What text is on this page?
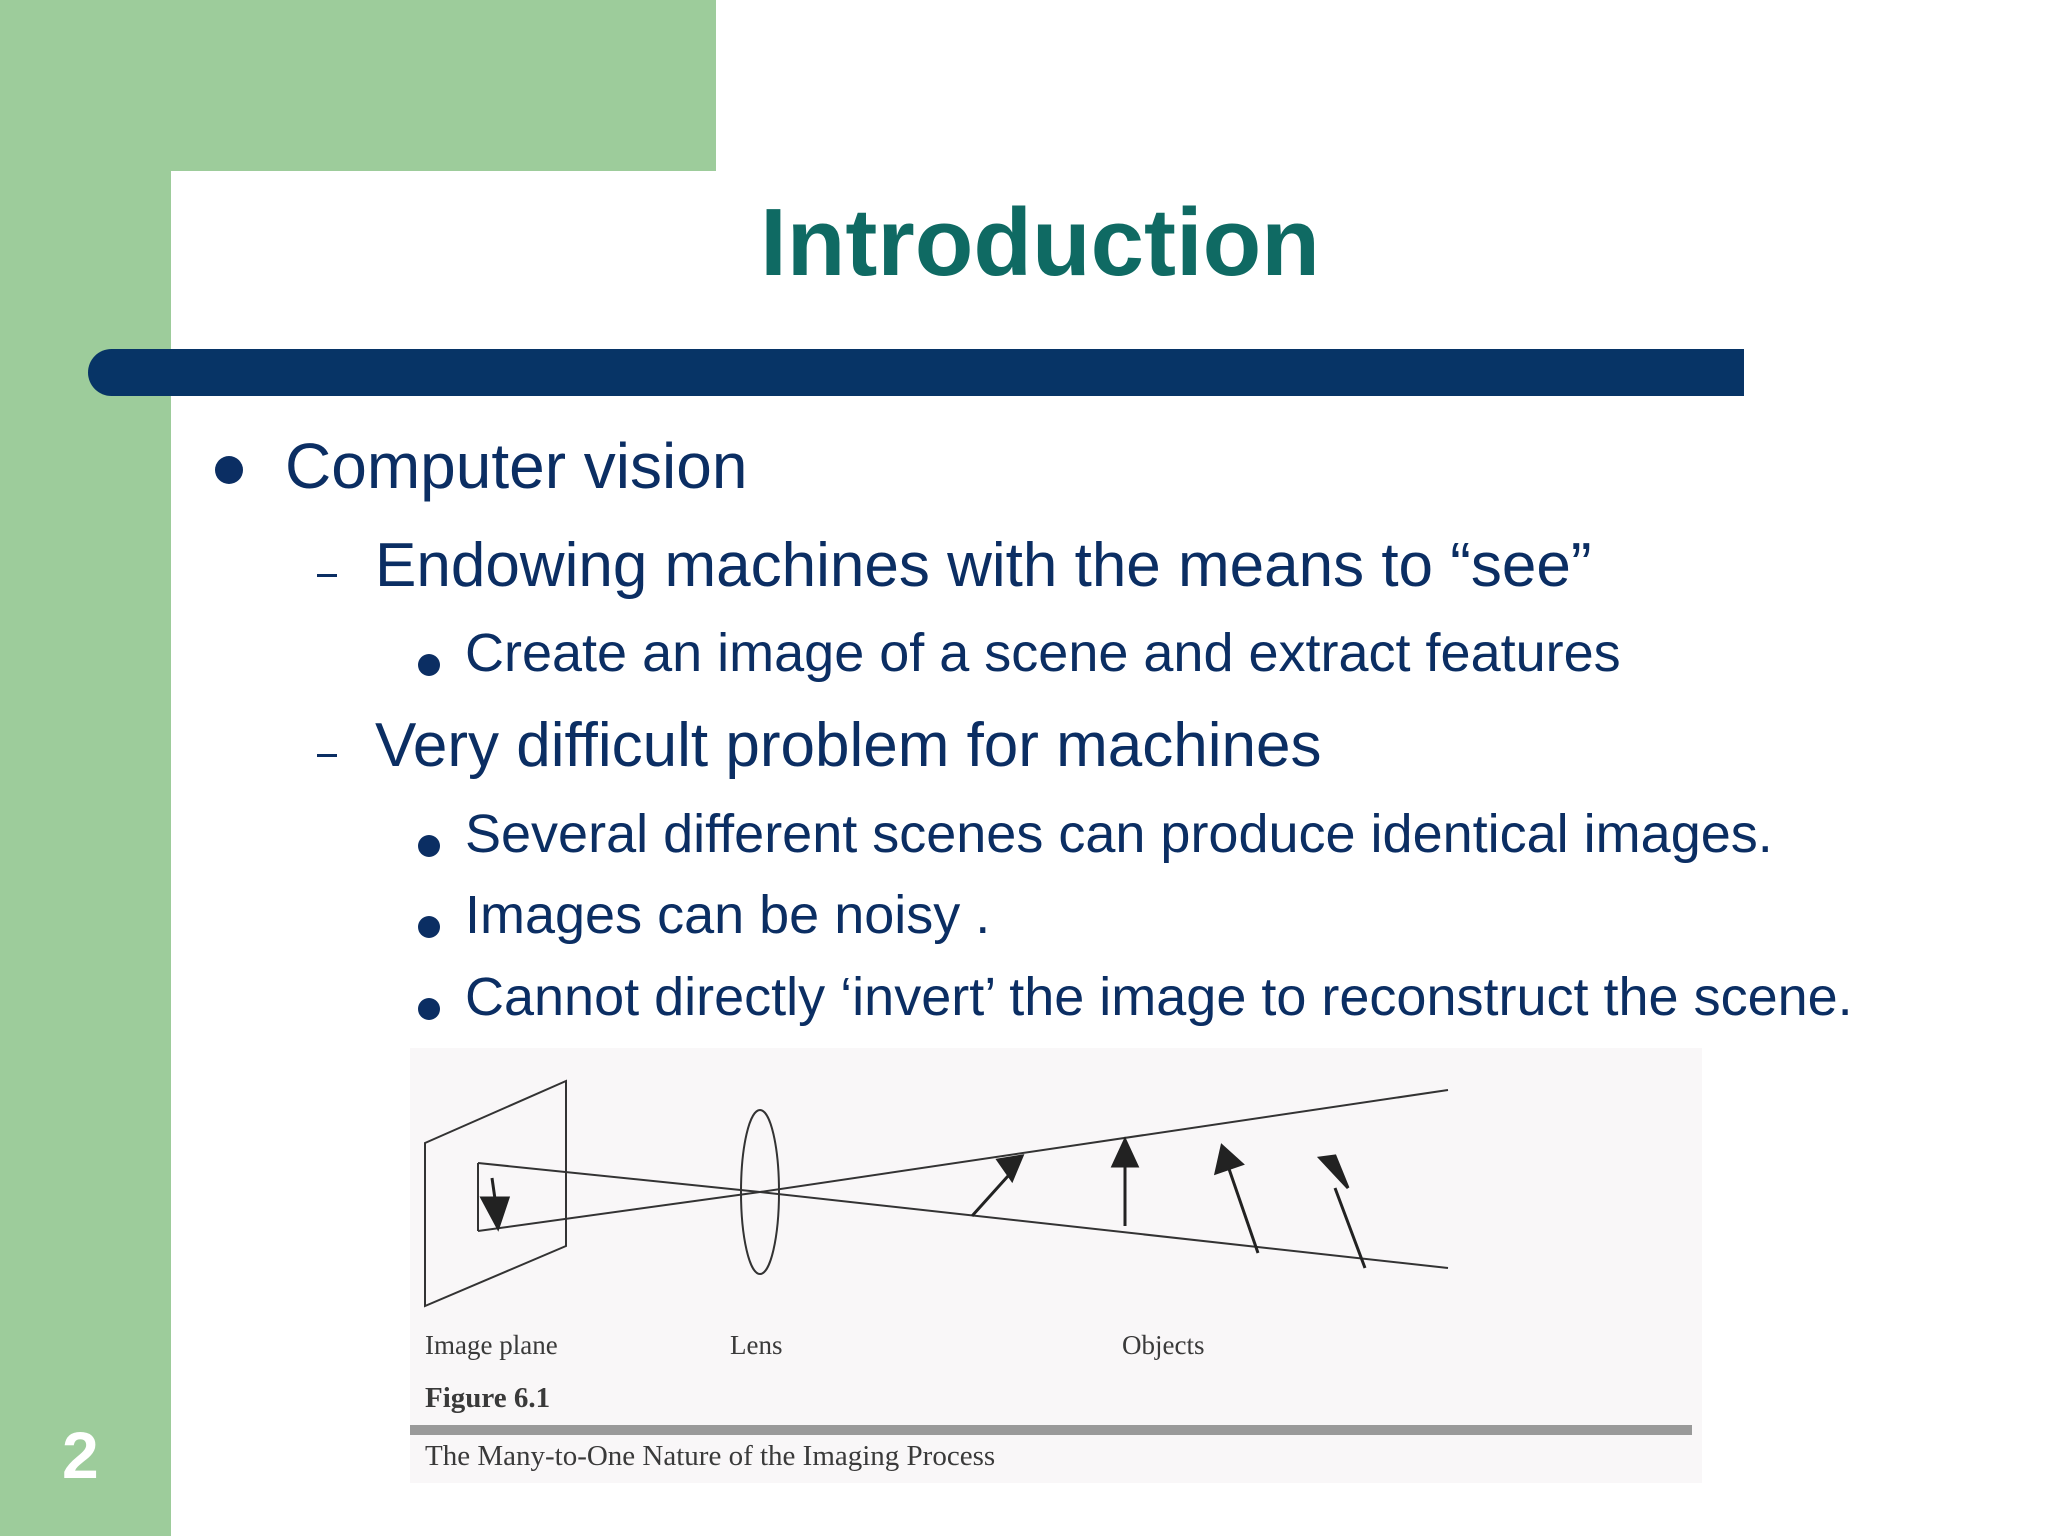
Introduction
Computer vision
Endowing machines with the means to “see”
Create an image of a scene and extract features
Very difficult problem for machines
Several different scenes can produce identical images.
Images can be noisy .
Cannot directly ‘invert’ the image to reconstruct the scene.
Image plane	Lens	Objects
Figure 6.1
The Many-to-One Nature of the Imaging Process
2
